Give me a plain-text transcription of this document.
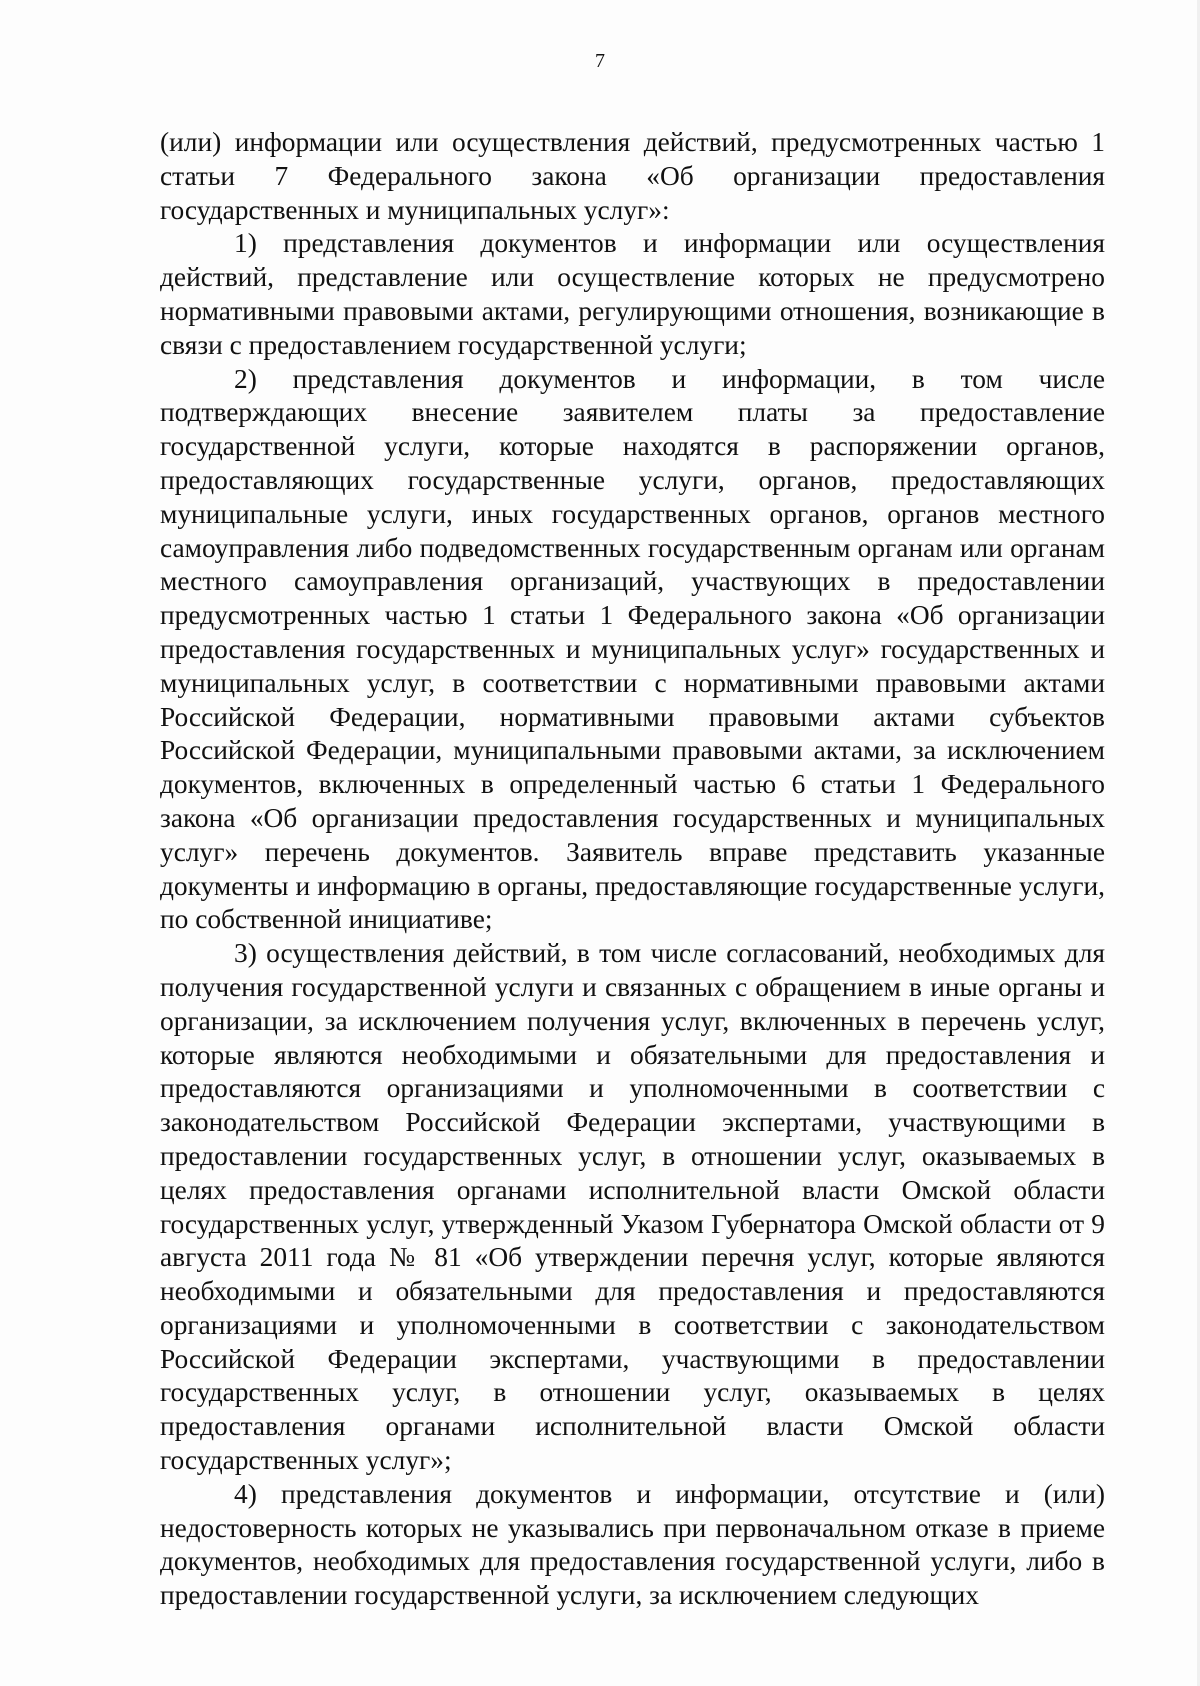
7

(или) информации или осуществления действий, предусмотренных частью 1 статьи 7 Федерального закона «Об организации предоставления государственных и муниципальных услуг»:

1) представления документов и информации или осуществления действий, представление или осуществление которых не предусмотрено нормативными правовыми актами, регулирующими отношения, возникающие в связи с предоставлением государственной услуги;

2) представления документов и информации, в том числе подтверждающих внесение заявителем платы за предоставление государственной услуги, которые находятся в распоряжении органов, предоставляющих государственные услуги, органов, предоставляющих муниципальные услуги, иных государственных органов, органов местного самоуправления либо подведомственных государственным органам или органам местного самоуправления организаций, участвующих в предоставлении предусмотренных частью 1 статьи 1 Федерального закона «Об организации предоставления государственных и муниципальных услуг» государственных и муниципальных услуг, в соответствии с нормативными правовыми актами Российской Федерации, нормативными правовыми актами субъектов Российской Федерации, муниципальными правовыми актами, за исключением документов, включенных в определенный частью 6 статьи 1 Федерального закона «Об организации предоставления государственных и муниципальных услуг» перечень документов. Заявитель вправе представить указанные документы и информацию в органы, предоставляющие государственные услуги, по собственной инициативе;

3) осуществления действий, в том числе согласований, необходимых для получения государственной услуги и связанных с обращением в иные органы и организации, за исключением получения услуг, включенных в перечень услуг, которые являются необходимыми и обязательными для предоставления и предоставляются организациями и уполномоченными в соответствии с законодательством Российской Федерации экспертами, участвующими в предоставлении государственных услуг, в отношении услуг, оказываемых в целях предоставления органами исполнительной власти Омской области государственных услуг, утвержденный Указом Губернатора Омской области от 9 августа 2011 года № 81 «Об утверждении перечня услуг, которые являются необходимыми и обязательными для предоставления и предоставляются организациями и уполномоченными в соответствии с законодательством Российской Федерации экспертами, участвующими в предоставлении государственных услуг, в отношении услуг, оказываемых в целях предоставления органами исполнительной власти Омской области государственных услуг»;

4) представления документов и информации, отсутствие и (или) недостоверность которых не указывались при первоначальном отказе в приеме документов, необходимых для предоставления государственной услуги, либо в предоставлении государственной услуги, за исключением следующих
